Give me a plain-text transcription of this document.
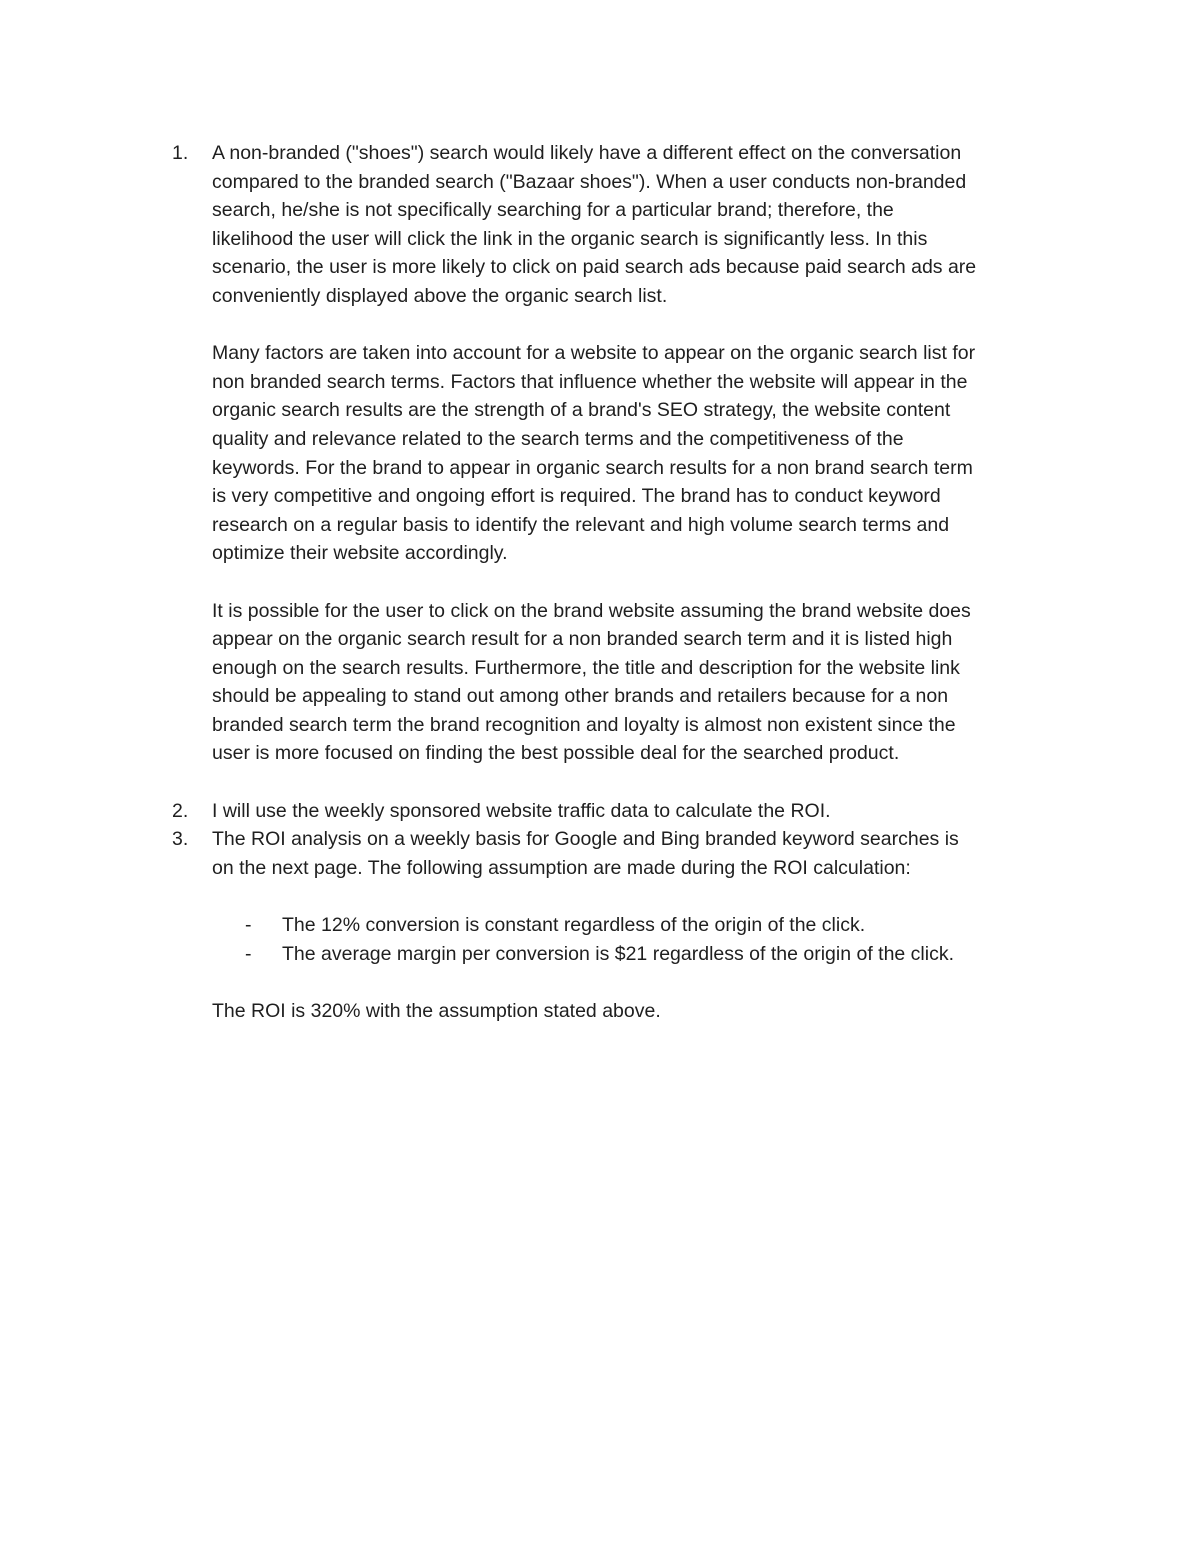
1.	A non-branded ("shoes") search would likely have a different effect on the conversation
compared to the branded search ("Bazaar shoes"). When a user conducts non-branded
search, he/she is not specifically searching for a particular brand; therefore, the
likelihood the user will click the link in the organic search is significantly less. In this
scenario, the user is more likely to click on paid search ads because paid search ads are
conveniently displayed above the organic search list.

Many factors are taken into account for a website to appear on the organic search list for
non branded search terms. Factors that influence whether the website will appear in the
organic search results are the strength of a brand's SEO strategy, the website content
quality and relevance related to the search terms and the competitiveness of the
keywords. For the brand to appear in organic search results for a non brand search term
is very competitive and ongoing effort is required. The brand has to conduct keyword
research on a regular basis to identify the relevant and high volume search terms and
optimize their website accordingly.

It is possible for the user to click on the brand website assuming the brand website does
appear on the organic search result for a non branded search term and it is listed high
enough on the search results. Furthermore, the title and description for the website link
should be appealing to stand out among other brands and retailers because for a non
branded search term the brand recognition and loyalty is almost non existent since the
user is more focused on finding the best possible deal for the searched product.

2.	I will use the weekly sponsored website traffic data to calculate the ROI.

3.	The ROI analysis on a weekly basis for Google and Bing branded keyword searches is
on the next page. The following assumption are made during the ROI calculation:

- The 12% conversion is constant regardless of the origin of the click.
- The average margin per conversion is $21 regardless of the origin of the click.

The ROI is 320% with the assumption stated above.
